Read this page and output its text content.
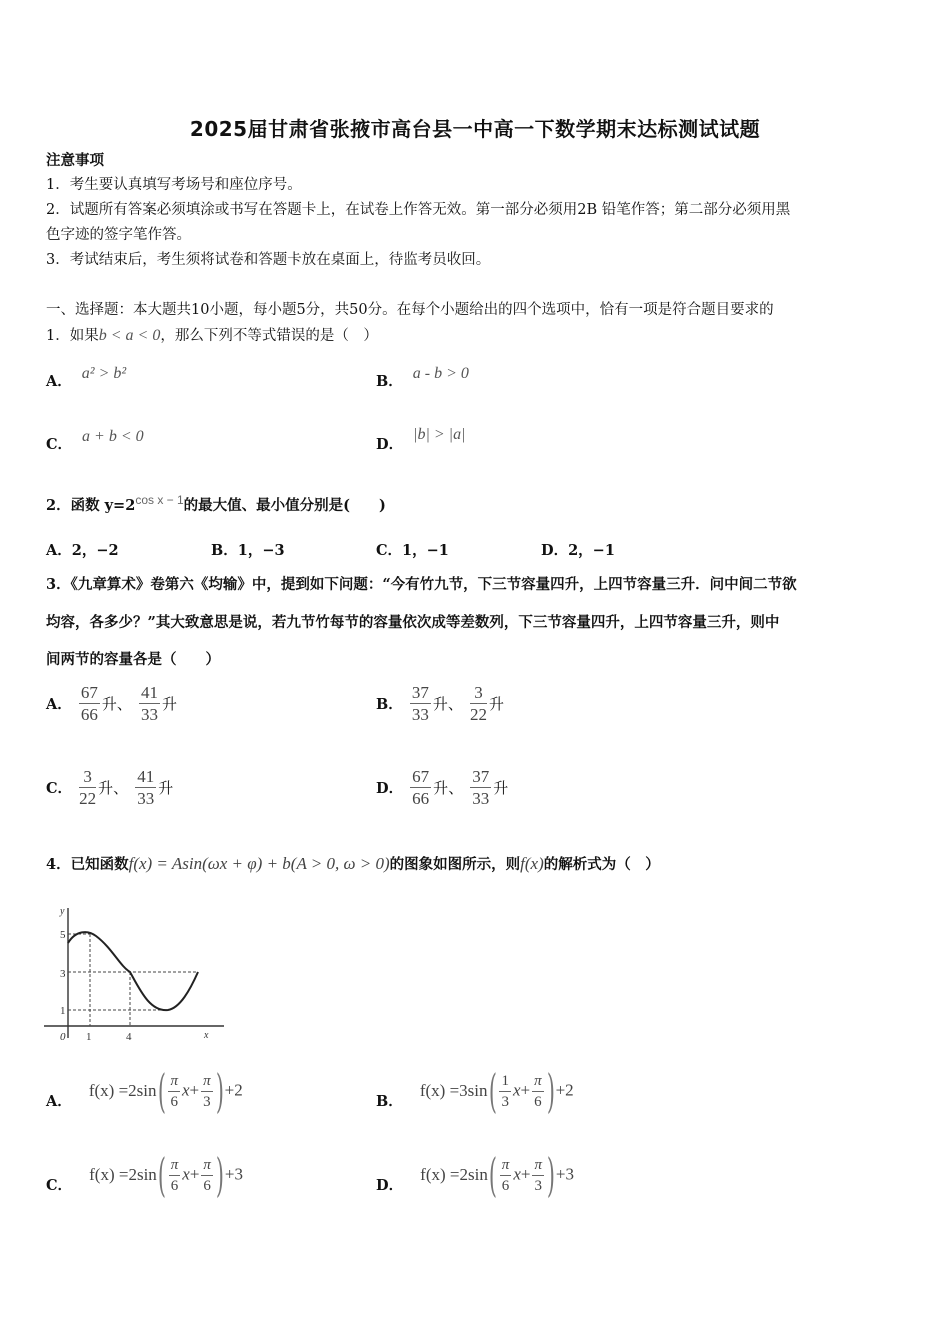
2025届甘肃省张掖市高台县一中高一下数学期末达标测试试题
注意事项
1．考生要认真填写考场号和座位序号。
2．试题所有答案必须填涂或书写在答题卡上，在试卷上作答无效。第一部分必须用2B 铅笔作答；第二部分必须用黑
色字迹的签字笔作答。
3．考试结束后，考生须将试卷和答题卡放在桌面上，待监考员收回。
一、选择题：本大题共10小题，每小题5分，共50分。在每个小题给出的四个选项中，恰有一项是符合题目要求的
1．如果b < a < 0，那么下列不等式错误的是（　）
A． a² > b²	B． a - b > 0
C． a + b < 0	D．|b| > |a|
2．函数 $y=2^{cos x - 1}$的最大值、最小值分别是(　　)
A．2，−2	B．1，−3	C．1，−1	D．2，−1
3．《九章算术》卷第六《均输》中，提到如下问题：“今有竹九节，下三节容量四升，上四节容量三升．问中间二节欲
均容，各多少？”其大致意思是说，若九节竹每节的容量依次成等差数列，下三节容量四升，上四节容量三升，则中
间两节的容量各是（　　）
A． $\frac{67}{66}$ 升、 $\frac{41}{33}$ 升	B． $\frac{37}{33}$ 升、 $\frac{3}{22}$ 升
C． $\frac{3}{22}$ 升、 $\frac{41}{33}$ 升	D． $\frac{67}{66}$ 升、 $\frac{37}{33}$ 升
4．已知函数f(x) = Asin(ωx + φ) + b(A > 0, ω > 0)的图象如图所示，则f(x)的解析式为（　）
y
x
0
5
3
1
1	4
A． $f(x) =2\sin( \frac{\pi}{6} x+ \frac{\pi}{3} )+2$
B． $f(x) =3\sin( \frac{1}{3} x+ \frac{\pi}{6} )+2$
C． $f(x) =2\sin( \frac{\pi}{6} x+ \frac{\pi}{6} )+3$
D． $f(x) =2\sin( \frac{\pi}{6} x+ \frac{\pi}{3} )+3$
